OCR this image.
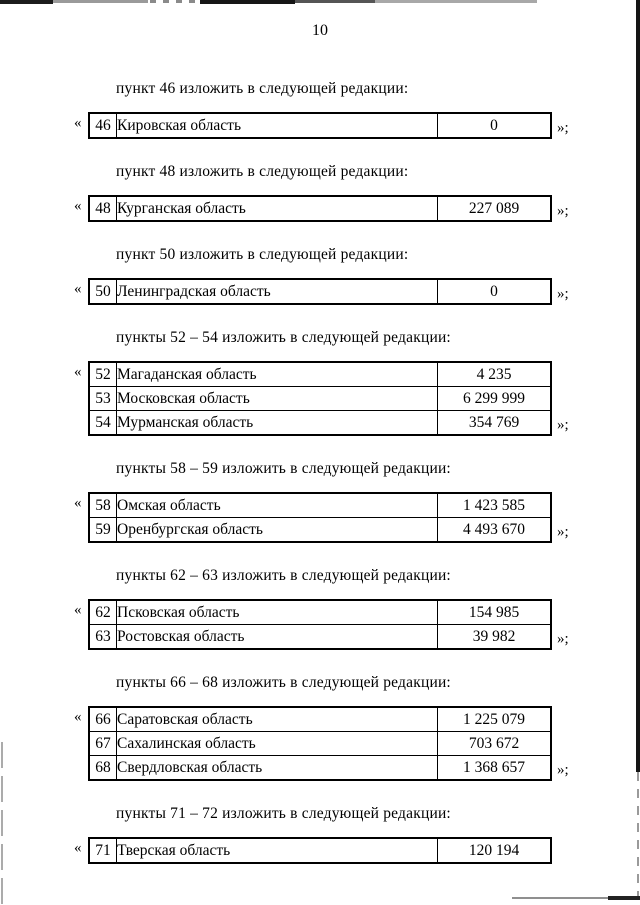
10

пункт 46 изложить в следующей редакции:

« 46	Кировская область	0	»;

пункт 48 изложить в следующей редакции:

« 48	Курганская область	227 089	»;

пункт 50 изложить в следующей редакции:

« 50	Ленинградская область	0	»;

пункты 52 – 54 изложить в следующей редакции:

« 52	Магаданская область	4 235
53	Московская область	6 299 999
54	Мурманская область	354 769	»;

пункты 58 – 59 изложить в следующей редакции:

« 58	Омская область	1 423 585
59	Оренбургская область	4 493 670	»;

пункты 62 – 63 изложить в следующей редакции:

« 62	Псковская область	154 985
63	Ростовская область	39 982	»;

пункты 66 – 68 изложить в следующей редакции:

« 66	Саратовская область	1 225 079
67	Сахалинская область	703 672
68	Свердловская область	1 368 657	»;

пункты 71 – 72 изложить в следующей редакции:

« 71	Тверская область	120 194
